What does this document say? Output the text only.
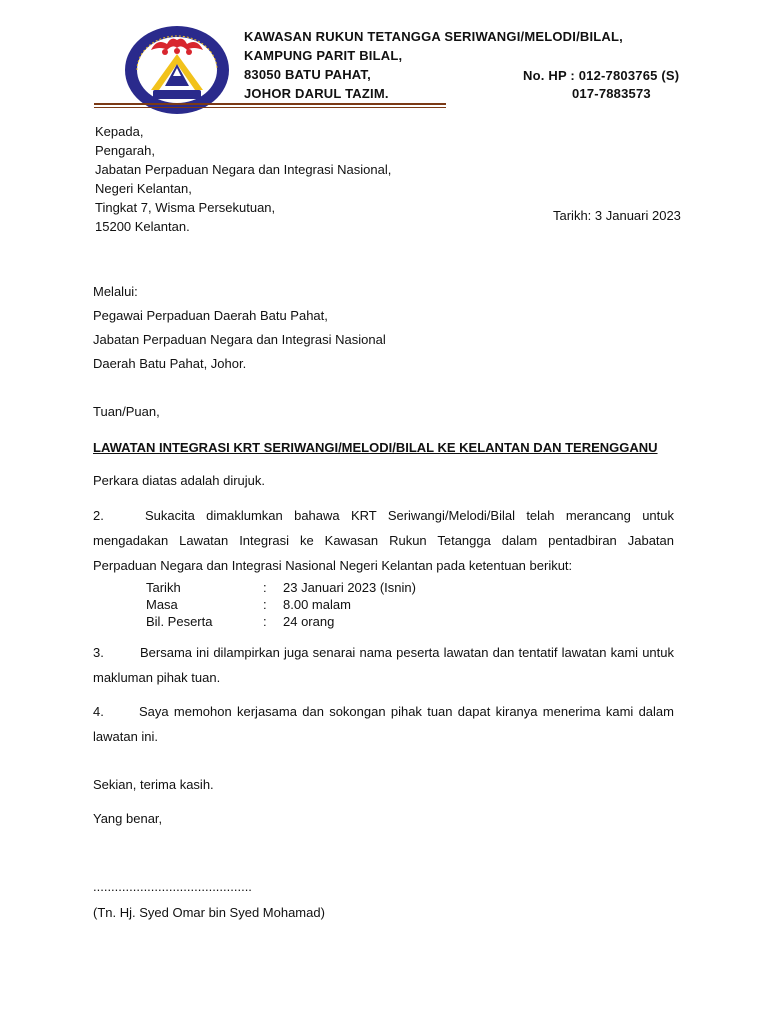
KAWASAN RUKUN TETANGGA SERIWANGI/MELODI/BILAL,
KAMPUNG PARIT BILAL,
83050 BATU PAHAT,
JOHOR DARUL TAZIM.
No. HP : 012-7803765 (S)
017-7883573
Kepada,
Pengarah,
Jabatan Perpaduan Negara dan Integrasi Nasional,
Negeri Kelantan,
Tingkat 7, Wisma Persekutuan,
15200 Kelantan.
Tarikh: 3 Januari 2023
Melalui:
Pegawai Perpaduan Daerah Batu Pahat,
Jabatan Perpaduan Negara dan Integrasi Nasional
Daerah Batu Pahat, Johor.
Tuan/Puan,
LAWATAN INTEGRASI KRT SERIWANGI/MELODI/BILAL KE KELANTAN DAN TERENGGANU
Perkara diatas adalah dirujuk.
2.	Sukacita dimaklumkan bahawa KRT Seriwangi/Melodi/Bilal telah merancang untuk mengadakan Lawatan Integrasi ke Kawasan Rukun Tetangga dalam pentadbiran Jabatan Perpaduan Negara dan Integrasi Nasional Negeri Kelantan pada ketentuan berikut:
Tarikh	: 23 Januari 2023 (Isnin)
Masa	: 8.00 malam
Bil. Peserta	: 24 orang
3.	Bersama ini dilampirkan juga senarai nama peserta lawatan dan tentatif lawatan kami untuk makluman pihak tuan.
4.	Saya memohon kerjasama dan sokongan pihak tuan dapat kiranya menerima kami dalam lawatan ini.
Sekian, terima kasih.
Yang benar,
............................................
(Tn. Hj. Syed Omar bin Syed Mohamad)
